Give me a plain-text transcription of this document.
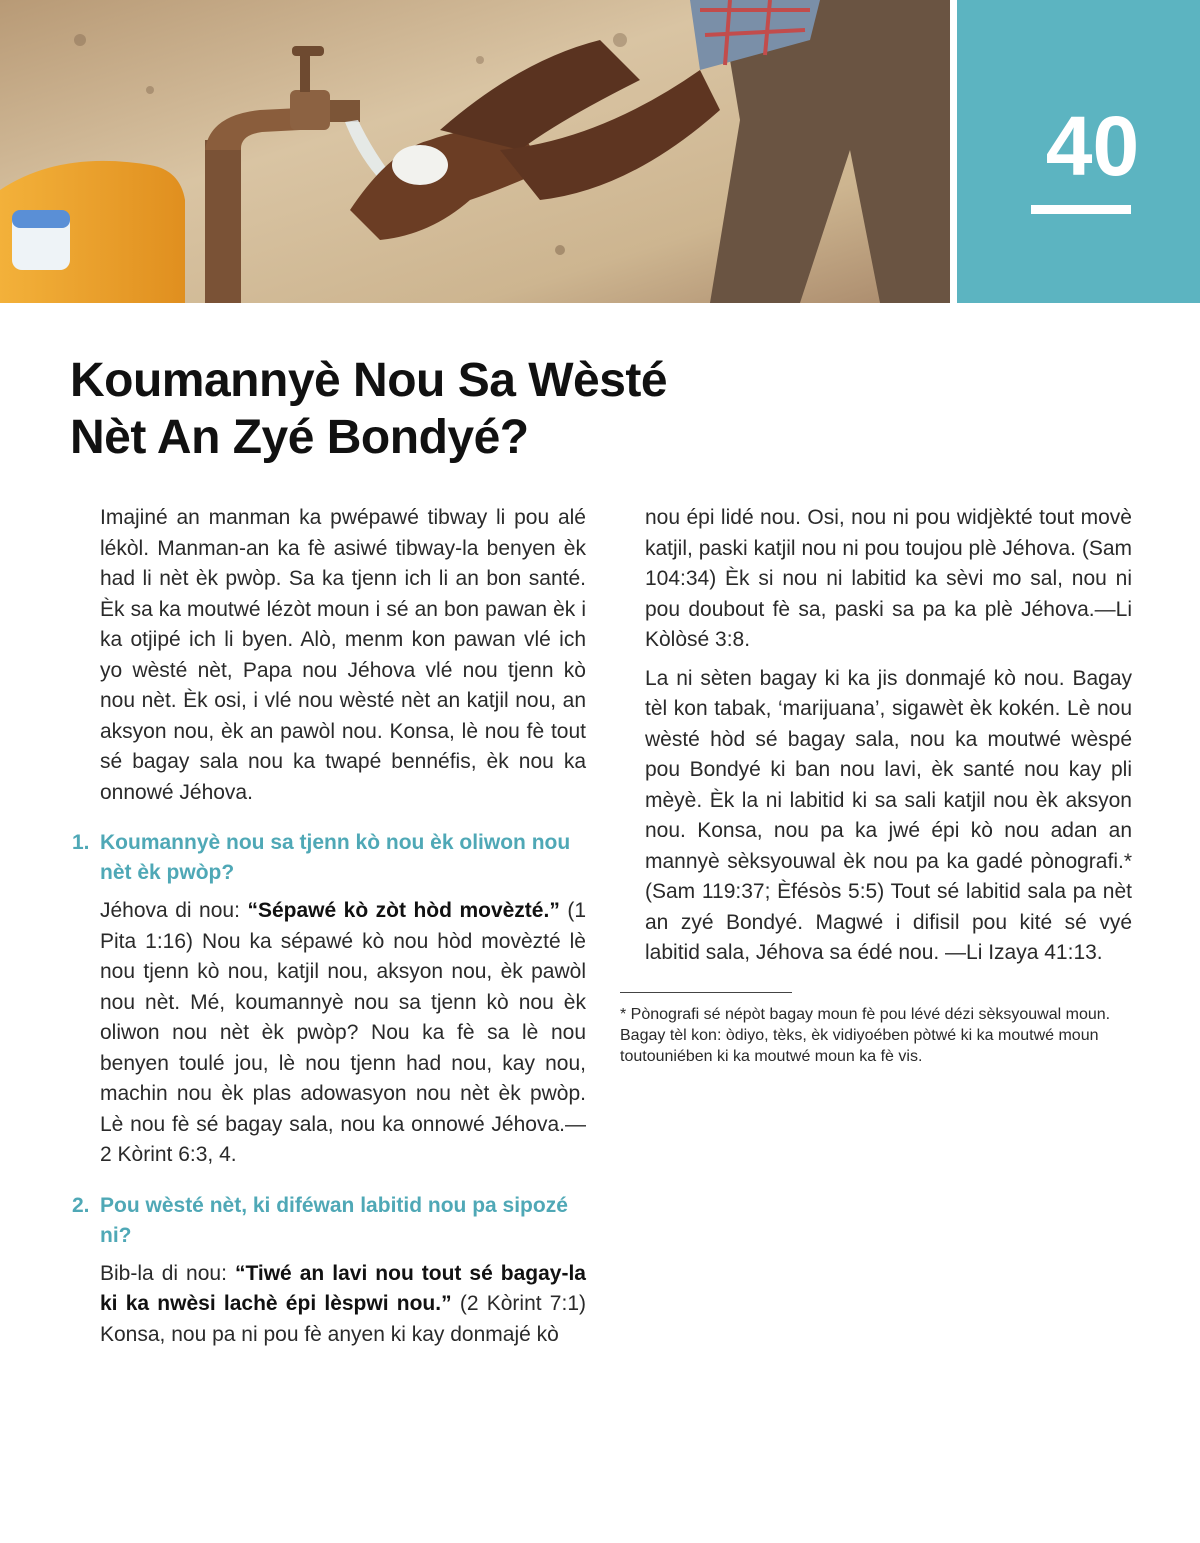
40
Koumannyè Nou Sa Wèsté
Nèt An Zyé Bondyé?

Imajiné an manman ka pwépawé tibway li pou alé lékòl. Manman-an ka fè asiwé tibway-la benyen èk had li nèt èk pwòp. Sa ka tjenn ich li an bon santé. Èk sa ka moutwé lézòt moun i sé an bon pawan èk i ka otjipé ich li byen. Alò, menm kon pawan vlé ich yo wèsté nèt, Papa nou Jéhova vlé nou tjenn kò nou nèt. Èk osi, i vlé nou wèsté nèt an katjil nou, an aksyon nou, èk an pawòl nou. Konsa, lè nou fè tout sé bagay sala nou ka twapé bennéfis, èk nou ka onnowé Jéhova.

1. Koumannyè nou sa tjenn kò nou èk oliwon nou nèt èk pwòp?

Jéhova di nou: “Sépawé kò zòt hòd movèzté.” (1 Pita 1:16) Nou ka sépawé kò nou hòd movèzté lè nou tjenn kò nou, katjil nou, aksyon nou, èk pawòl nou nèt. Mé, koumannyè nou sa tjenn kò nou èk oliwon nou nèt èk pwòp? Nou ka fè sa lè nou benyen toulé jou, lè nou tjenn had nou, kay nou, machin nou èk plas adowasyon nou nèt èk pwòp. Lè nou fè sé bagay sala, nou ka onnowé Jéhova.—2 Kòrint 6:3, 4.

2. Pou wèsté nèt, ki diféwan labitid nou pa sipozé ni?

Bib-la di nou: “Tiwé an lavi nou tout sé bagay-la ki ka nwèsi lachè épi lèspwi nou.” (2 Kòrint 7:1) Konsa, nou pa ni pou fè anyen ki kay donmajé kò

nou épi lidé nou. Osi, nou ni pou widjèkté tout movè katjil, paski katjil nou ni pou toujou plè Jéhova. (Sam 104:34) Èk si nou ni labitid ka sèvi mo sal, nou ni pou doubout fè sa, paski sa pa ka plè Jéhova.—Li Kòlòsé 3:8.

La ni sèten bagay ki ka jis donmajé kò nou. Bagay tèl kon tabak, ‘marijuana’, sigawèt èk kokén. Lè nou wèsté hòd sé bagay sala, nou ka moutwé wèspé pou Bondyé ki ban nou lavi, èk santé nou kay pli mèyè. Èk la ni labitid ki sa sali katjil nou èk aksyon nou. Konsa, nou pa ka jwé épi kò nou adan an mannyè sèksyouwal èk nou pa ka gadé pònografi.* (Sam 119:37; Èfésòs 5:5) Tout sé labitid sala pa nèt an zyé Bondyé. Magwé i difisil pou kité sé vyé labitid sala, Jéhova sa édé nou. —Li Izaya 41:13.

* Pònografi sé népòt bagay moun fè pou lévé dézi sèksyouwal moun. Bagay tèl kon: òdiyo, tèks, èk vidiyoében pòtwé ki ka moutwé moun toutouniében ki ka moutwé moun ka fè vis.
